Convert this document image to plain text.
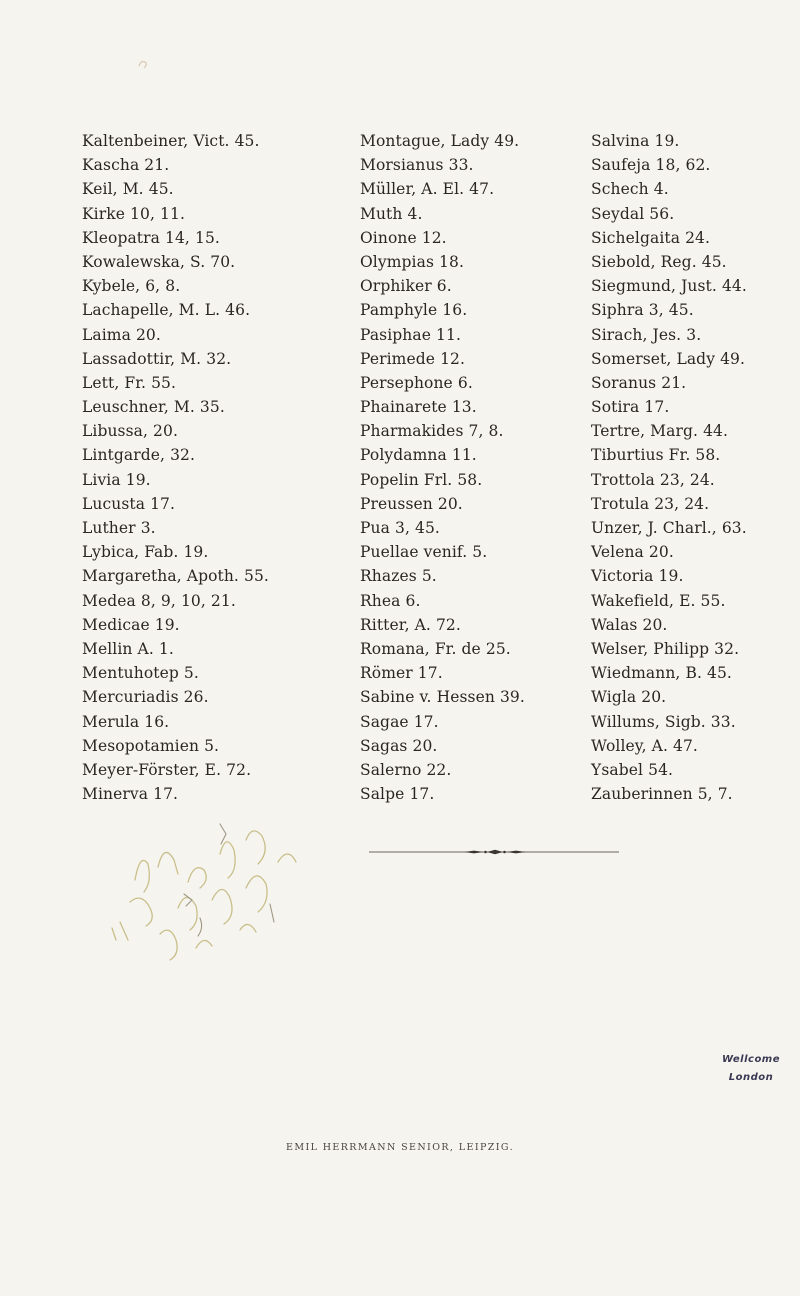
Kaltenbeiner, Vict. 45.
Kascha 21.
Keil, M. 45.
Kirke 10, 11.
Kleopatra 14, 15.
Kowalewska, S. 70.
Kybele, 6, 8.
Lachapelle, M. L. 46.
Laima 20.
Lassadottir, M. 32.
Lett, Fr. 55.
Leuschner, M. 35.
Libussa, 20.
Lintgarde, 32.
Livia 19.
Lucusta 17.
Luther 3.
Lybica, Fab. 19.
Margaretha, Apoth. 55.
Medea 8, 9, 10, 21.
Medicae 19.
Mellin A. 1.
Mentuhotep 5.
Mercuriadis 26.
Merula 16.
Mesopotamien 5.
Meyer-Förster, E. 72.
Minerva 17.
Montague, Lady 49.
Morsianus 33.
Müller, A. El. 47.
Muth 4.
Oinone 12.
Olympias 18.
Orphiker 6.
Pamphyle 16.
Pasiphae 11.
Perimede 12.
Persephone 6.
Phainarete 13.
Pharmakides 7, 8.
Polydamna 11.
Popelin Frl. 58.
Preussen 20.
Pua 3, 45.
Puellae venif. 5.
Rhazes 5.
Rhea 6.
Ritter, A. 72.
Romana, Fr. de 25.
Römer 17.
Sabine v. Hessen 39.
Sagae 17.
Sagas 20.
Salerno 22.
Salpe 17.
Salvina 19.
Saufeja 18, 62.
Schech 4.
Seydal 56.
Sichelgaita 24.
Siebold, Reg. 45.
Siegmund, Just. 44.
Siphra 3, 45.
Sirach, Jes. 3.
Somerset, Lady 49.
Soranus 21.
Sotira 17.
Tertre, Marg. 44.
Tiburtius Fr. 58.
Trottola 23, 24.
Trotula 23, 24.
Unzer, J. Charl., 63.
Velena 20.
Victoria 19.
Wakefield, E. 55.
Walas 20.
Welser, Philipp 32.
Wiedmann, B. 45.
Wigla 20.
Willums, Sigb. 33.
Wolley, A. 47.
Ysabel 54.
Zauberinnen 5, 7.
Wellcome
London
EMIL HERRMANN SENIOR, LEIPZIG.
